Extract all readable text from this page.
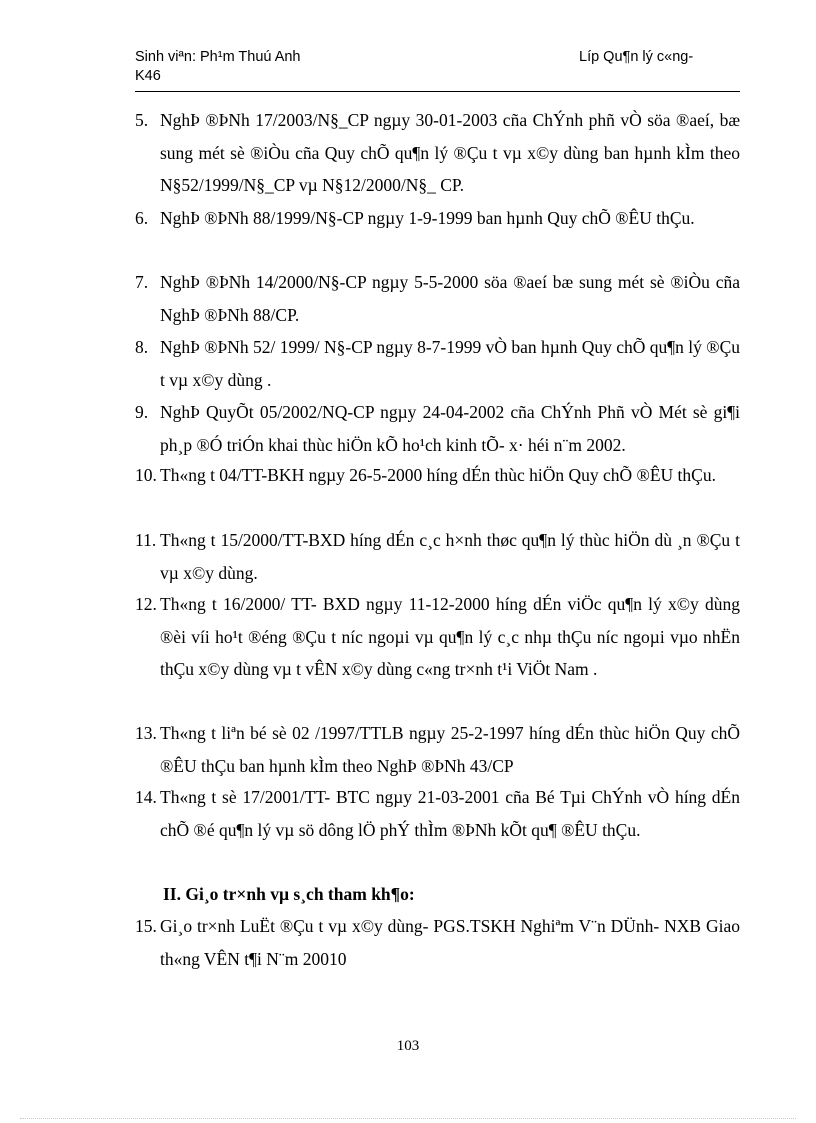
Sinh viªn: Ph¹m Thuú Anh	Líp Qu¶n lý c«ng-
K46
5. NghÞ ®ÞNh 17/2003/N§_CP ngµy 30-01-2003 cña ChÝnh phñ vÒ söa ®aeí, bæ sung mét sè ®iÒu cña Quy chÕ qu¶n lý ®Çu t vµ x©y dùng ban hµnh kÌm theo N§52/1999/N§_CP vµ N§12/2000/N§_ CP.
6. NghÞ ®ÞNh 88/1999/N§-CP ngµy 1-9-1999 ban hµnh Quy chÕ ®ÊU thÇu.
7. NghÞ ®ÞNh 14/2000/N§-CP ngµy 5-5-2000 söa ®aeí bæ sung mét sè ®iÒu cña NghÞ ®ÞNh 88/CP.
8. NghÞ ®ÞNh 52/ 1999/ N§-CP ngµy 8-7-1999 vÒ ban hµnh Quy chÕ qu¶n lý ®Çu t vµ x©y dùng .
9. NghÞ QuyÕt 05/2002/NQ-CP ngµy 24-04-2002 cña ChÝnh Phñ vÒ Mét sè gi¶i ph¸p ®Ó triÓn khai thùc hiÖn kÕ ho¹ch kinh tÕ- x· héi n¨m 2002.
10. Th«ng t 04/TT-BKH ngµy 26-5-2000 híng dÉn thùc hiÖn Quy chÕ ®ÊU thÇu.
11. Th«ng t 15/2000/TT-BXD híng dÉn c¸c h×nh thøc qu¶n lý thùc hiÖn dù ¸n ®Çu t vµ x©y dùng.
12. Th«ng t 16/2000/ TT- BXD ngµy 11-12-2000 híng dÉn viÖc qu¶n lý x©y dùng ®èi víi ho¹t ®éng ®Çu t níc ngoµi vµ qu¶n lý c¸c nhµ thÇu níc ngoµi vµo nhËn thÇu x©y dùng vµ t vÊN x©y dùng c«ng tr×nh t¹i ViÖt Nam .
13. Th«ng t liªn bé sè 02 /1997/TTLB ngµy 25-2-1997 híng dÉn thùc hiÖn Quy chÕ ®ÊU thÇu ban hµnh kÌm theo NghÞ ®ÞNh 43/CP
14. Th«ng t sè 17/2001/TT- BTC ngµy 21-03-2001 cña Bé Tµi ChÝnh vÒ híng dÉn chÕ ®é qu¶n lý vµ sö dông lÖ phÝ thÌm ®ÞNh kÕt qu¶ ®ÊU thÇu.
II. Gi¸o tr×nh vµ s¸ch tham kh¶o:
15. Gi¸o tr×nh LuËt ®Çu t vµ x©y dùng- PGS.TSKH Nghiªm V¨n DÜnh- NXB Giao th«ng VÊN t¶i N¨m 20010
103
